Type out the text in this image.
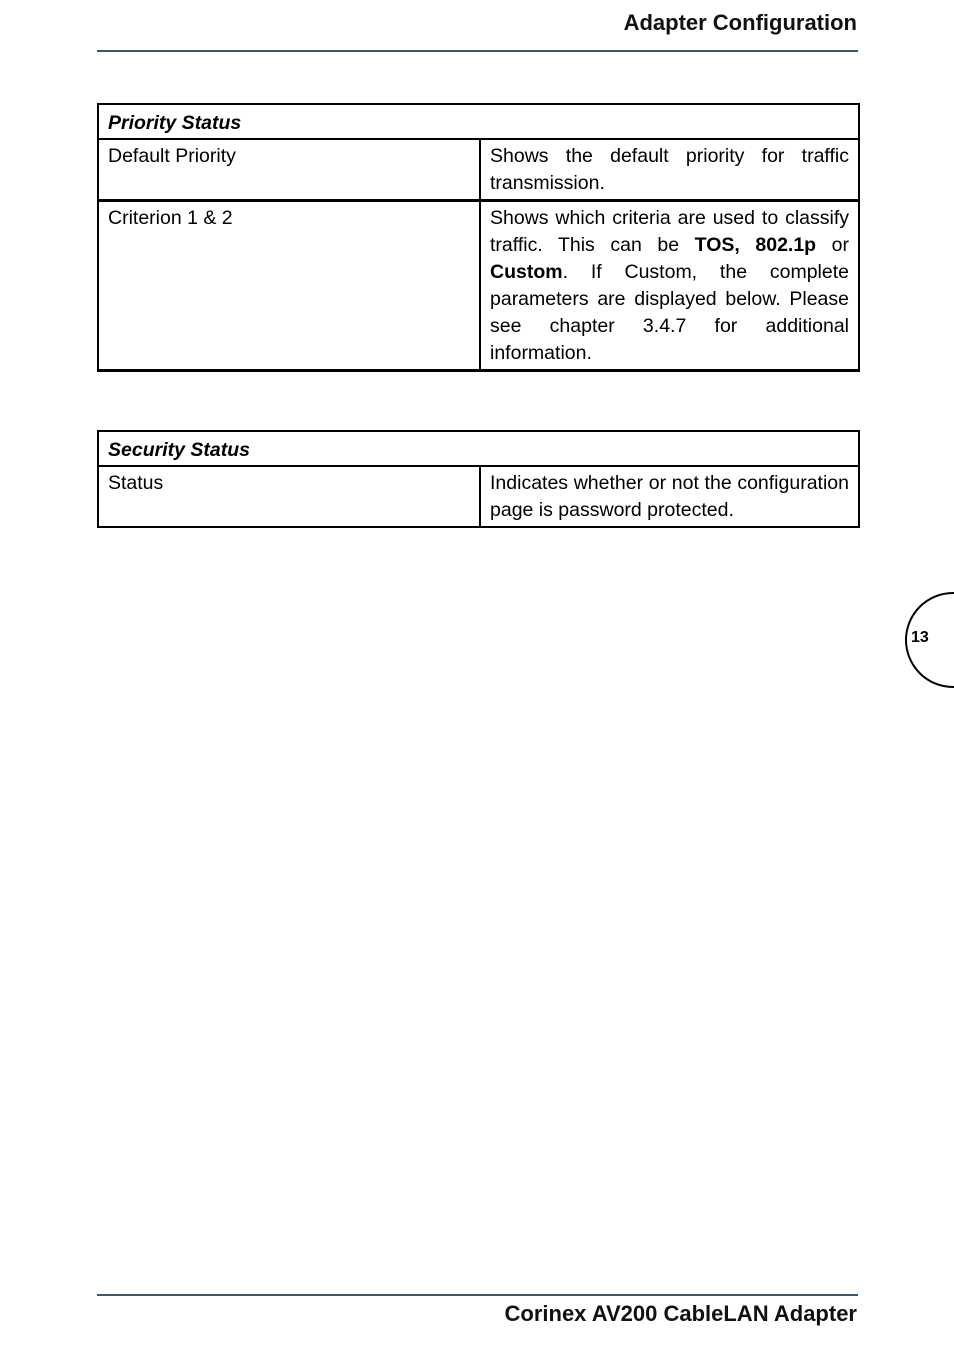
Adapter Configuration
Priority Status	
Default Priority	Shows the default priority for traffic transmission.
Criterion 1 & 2	Shows which criteria are used to classify traffic. This can be TOS, 802.1p or Custom. If Custom, the complete parameters are displayed below. Please see chapter 3.4.7 for additional information.
Security Status
Status	Indicates whether or not the configuration page is password protected.
13
Corinex AV200 CableLAN Adapter
